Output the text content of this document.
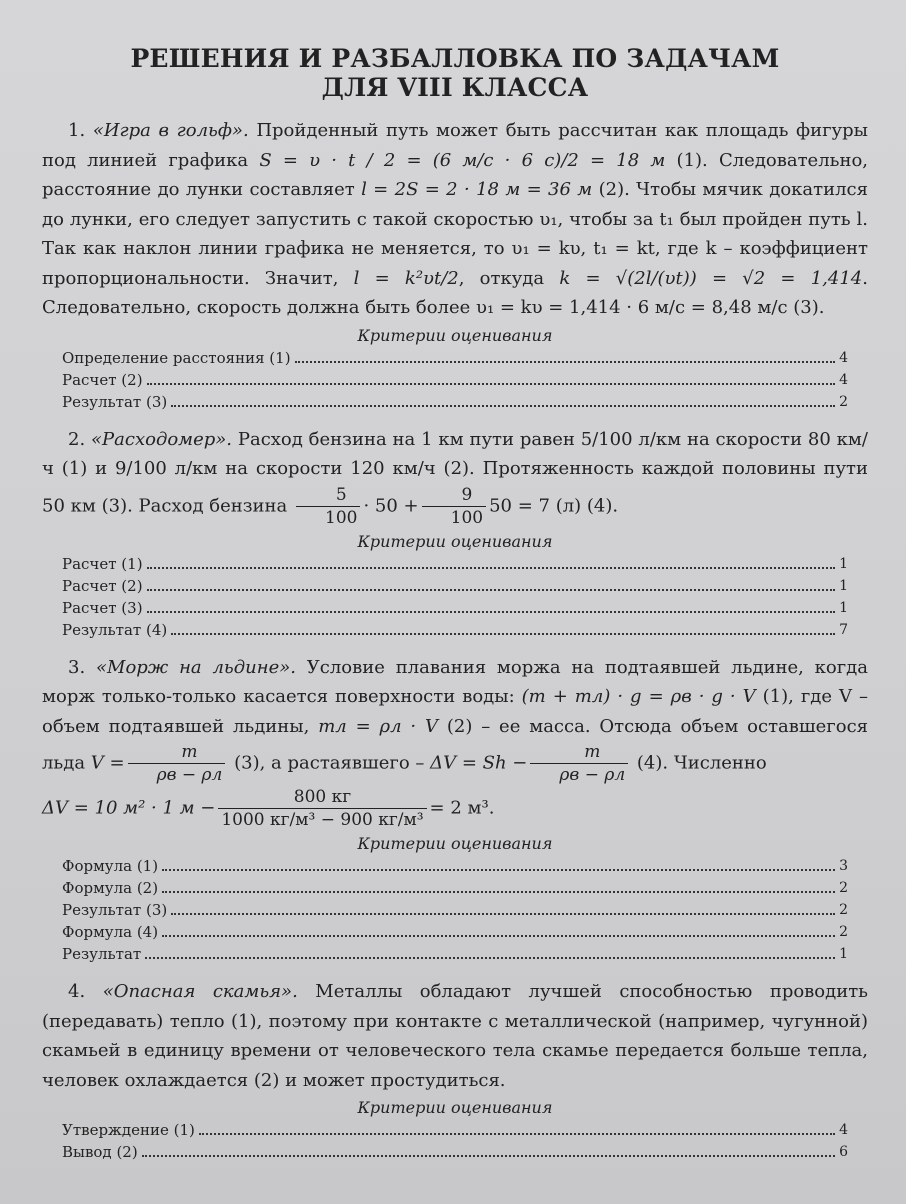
РЕШЕНИЯ И РАЗБАЛЛОВКА ПО ЗАДАЧАМ
ДЛЯ VIII КЛАССА

1. «Игра в гольф». Пройденный путь может быть рассчитан как площадь фигуры под линией графика S = υ · t / 2 = (6 м/с · 6 с)/2 = 18 м (1). Следовательно, расстояние до лунки составляет l = 2S = 2 · 18 м = 36 м (2). Чтобы мячик докатился до лунки, его следует запустить с такой скоростью υ₁, чтобы за t₁ был пройден путь l. Так как наклон линии графика не меняется, то υ₁ = kυ, t₁ = kt, где k – коэффициент пропорциональности. Значит, l = k²υt/2, откуда k = √(2l/(υt)) = √2 = 1,414. Следовательно, скорость должна быть более υ₁ = kυ = 1,414 · 6 м/с = 8,48 м/с (3).

Критерии оценивания
Определение расстояния (1)	4
Расчет (2)	4
Результат (3)	2

2. «Расходомер». Расход бензина на 1 км пути равен 5/100 л/км на скорости 80 км/ч (1) и 9/100 л/км на скорости 120 км/ч (2). Протяженность каждой половины пути 50 км (3). Расход бензина $\frac{5}{100} \cdot 50 + \frac{9}{100} 50 = 7$ (л) (4).

Критерии оценивания
Расчет (1)	1
Расчет (2)	1
Расчет (3)	1
Результат (4)	7

3. «Морж на льдине». Условие плавания моржа на подтаявшей льдине, когда морж только-только касается поверхности воды: (m + mл) · g = ρв · g · V (1), где V – объем подтаявшей льдины, mл = ρл · V (2) – ее масса. Отсюда объем оставшегося льда $V = \frac{m}{\rho в - \rho л} (3)$, а растаявшего – $\Delta V = Sh - \frac{m}{\rho в - \rho л} (4)$. Численно

ΔV = 10 м² · 1 $м - \frac{800 кг}{\text{1000 кг/м³ − 900 кг/м³}} = 2$ м³.
Критерии оценивания
Формула (1)	3
Формула (2)	2
Результат (3)	2
Формула (4)	2
Результат	1

4. «Опасная скамья». Металлы обладают лучшей способностью проводить (передавать) тепло (1), поэтому при контакте с металлической (например, чугунной) скамьей в единицу времени от человеческого тела скамье передается больше тепла, человек охлаждается (2) и может простудиться.

Критерии оценивания
Утверждение (1)	4
Вывод (2)	6
